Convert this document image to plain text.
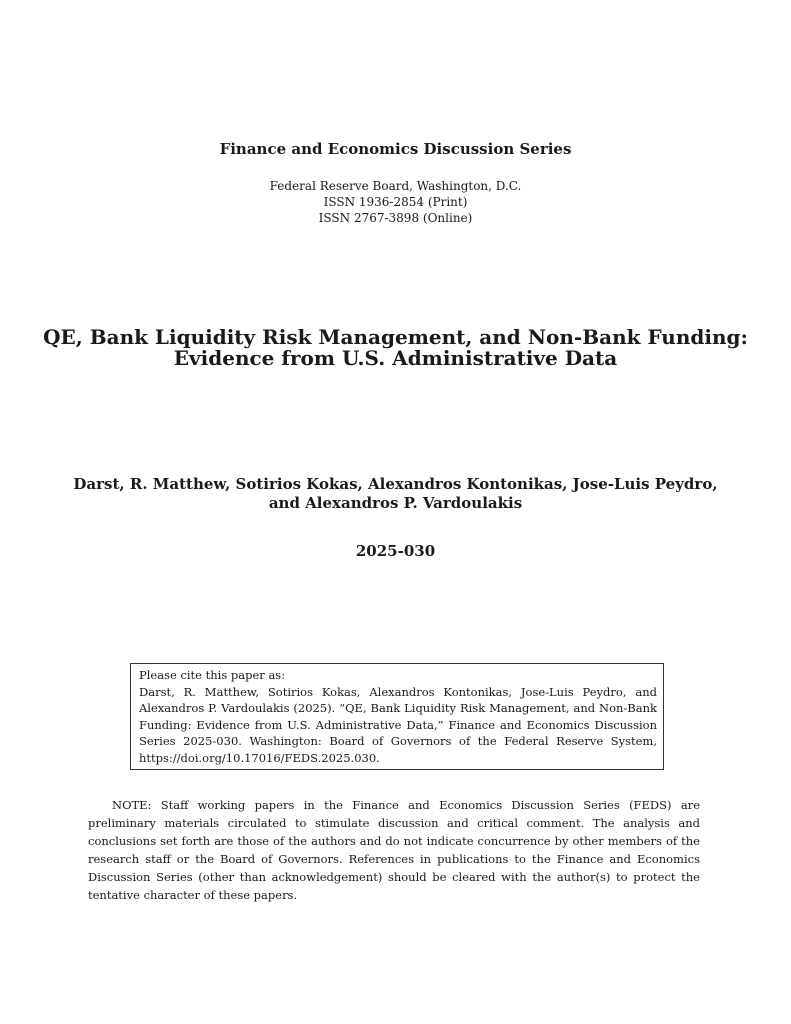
Finance and Economics Discussion Series
Federal Reserve Board, Washington, D.C.
ISSN 1936-2854 (Print)
ISSN 2767-3898 (Online)
QE, Bank Liquidity Risk Management, and Non-Bank Funding:
Evidence from U.S. Administrative Data
Darst, R. Matthew, Sotirios Kokas, Alexandros Kontonikas, Jose-Luis Peydro,
and Alexandros P. Vardoulakis
2025-030
Please cite this paper as:
Darst, R. Matthew, Sotirios Kokas, Alexandros Kontonikas, Jose-Luis Peydro, and Alexandros P. Vardoulakis (2025). “QE, Bank Liquidity Risk Management, and Non-Bank Funding: Evidence from U.S. Administrative Data,” Finance and Economics Discussion Series 2025-030. Washington: Board of Governors of the Federal Reserve System, https://doi.org/10.17016/FEDS.2025.030.
NOTE: Staff working papers in the Finance and Economics Discussion Series (FEDS) are preliminary materials circulated to stimulate discussion and critical comment. The analysis and conclusions set forth are those of the authors and do not indicate concurrence by other members of the research staff or the Board of Governors. References in publications to the Finance and Economics Discussion Series (other than acknowledgement) should be cleared with the author(s) to protect the tentative character of these papers.
